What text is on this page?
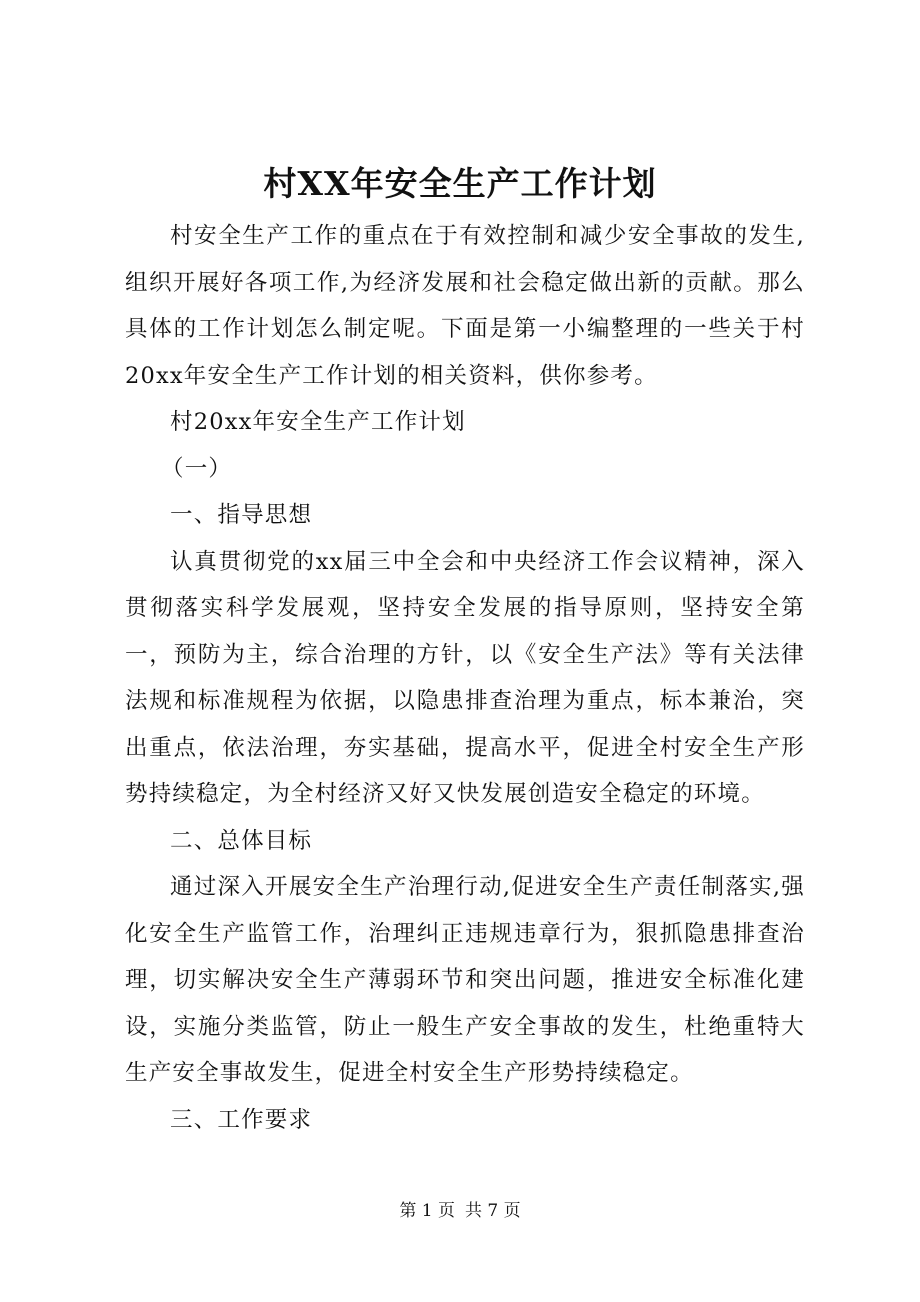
村XX年安全生产工作计划

村安全生产工作的重点在于有效控制和减少安全事故的发生,组织开展好各项工作,为经济发展和社会稳定做出新的贡献。那么具体的工作计划怎么制定呢。下面是第一小编整理的一些关于村20xx年安全生产工作计划的相关资料，供你参考。

村20xx年安全生产工作计划

（一）

一、指导思想

认真贯彻党的xx届三中全会和中央经济工作会议精神，深入贯彻落实科学发展观，坚持安全发展的指导原则，坚持安全第一，预防为主，综合治理的方针，以《安全生产法》等有关法律法规和标准规程为依据，以隐患排查治理为重点，标本兼治，突出重点，依法治理，夯实基础，提高水平，促进全村安全生产形势持续稳定，为全村经济又好又快发展创造安全稳定的环境。

二、总体目标

通过深入开展安全生产治理行动,促进安全生产责任制落实,强化安全生产监管工作，治理纠正违规违章行为，狠抓隐患排查治理，切实解决安全生产薄弱环节和突出问题，推进安全标准化建设，实施分类监管，防止一般生产安全事故的发生，杜绝重特大生产安全事故发生，促进全村安全生产形势持续稳定。

三、工作要求

第 1 页 共 7 页
